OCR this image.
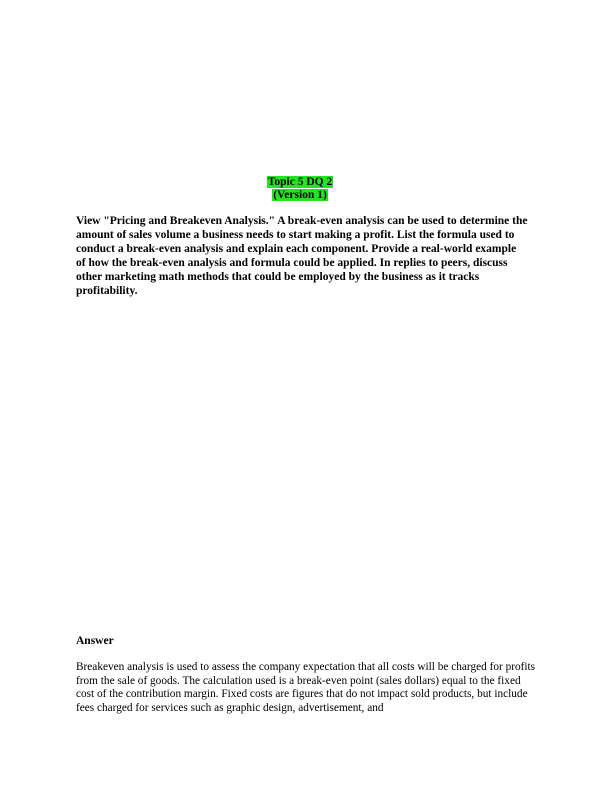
Topic 5 DQ 2
(Version 1)

View "Pricing and Breakeven Analysis." A break-even analysis can be used to determine the amount of sales volume a business needs to start making a profit. List the formula used to conduct a break-even analysis and explain each component. Provide a real-world example of how the break-even analysis and formula could be applied. In replies to peers, discuss other marketing math methods that could be employed by the business as it tracks profitability.

Answer

Breakeven analysis is used to assess the company expectation that all costs will be charged for profits from the sale of goods. The calculation used is a break-even point (sales dollars) equal to the fixed cost of the contribution margin. Fixed costs are figures that do not impact sold products, but include fees charged for services such as graphic design, advertisement, and
